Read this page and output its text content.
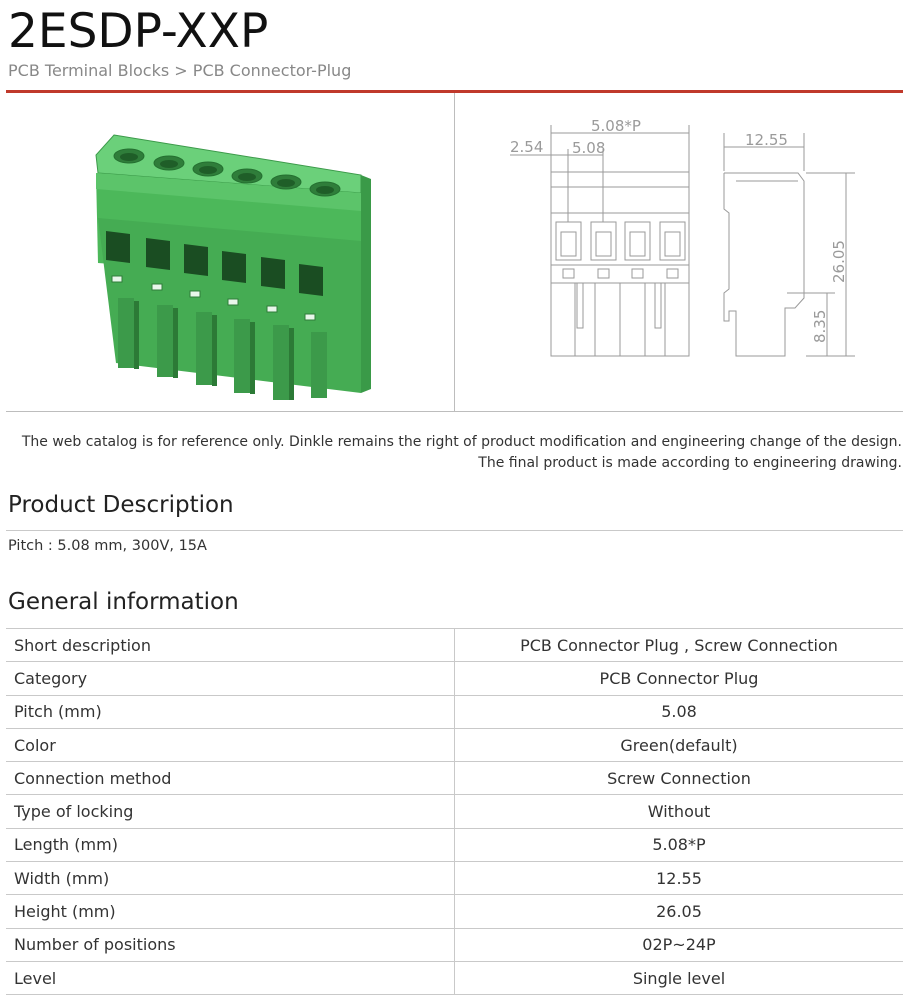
2ESDP-XXP
PCB Terminal Blocks > PCB Connector-Plug
5.08*P
2.54 5.08	12.55
26.05
8.35
The web catalog is for reference only. Dinkle remains the right of product modification and engineering change of the design.
The final product is made according to engineering drawing.
Product Description
Pitch : 5.08 mm, 300V, 15A
General information
Short description	PCB Connector Plug , Screw Connection
Category	PCB Connector Plug
Pitch (mm)	5.08
Color	Green(default)
Connection method	Screw Connection
Type of locking	Without
Length (mm)	5.08*P
Width (mm)	12.55
Height (mm)	26.05
Number of positions	02P~24P
Level	Single level
